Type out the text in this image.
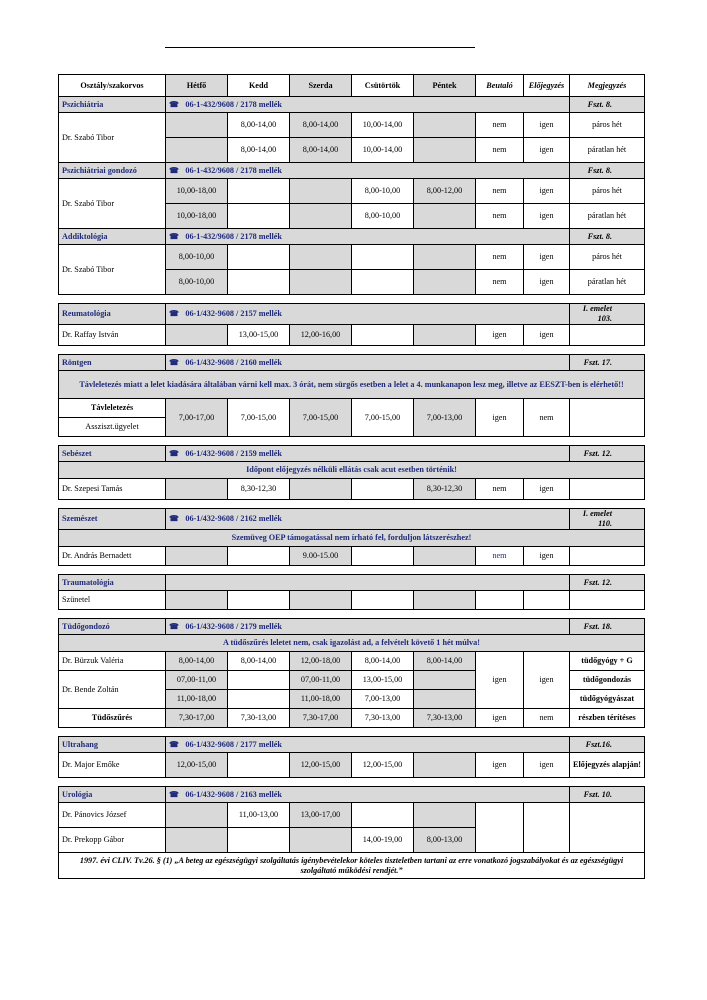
Osztály/szakorvos	Hétfő	Kedd	Szerda	Csütörtök	Péntek	Beutaló	Előjegyzés	Megjegyzés
Pszichiátria	☎ 06-1-432/9608 / 2178 mellék							Fszt. 8.
Dr. Szabó Tibor		8,00-14,00	8,00-14,00	10,00-14,00		nem	igen	páros hét
		8,00-14,00	8,00-14,00	10,00-14,00		nem	igen	páratlan hét
Pszichiátriai gondozó	☎ 06-1-432/9608 / 2178 mellék							Fszt. 8.
Dr. Szabó Tibor	10,00-18,00			8,00-10,00	8,00-12,00	nem	igen	páros hét
	10,00-18,00			8,00-10,00		nem	igen	páratlan hét
Addiktológia	☎ 06-1-432/9608 / 2178 mellék							Fszt. 8.
Dr. Szabó Tibor	8,00-10,00					nem	igen	páros hét
	8,00-10,00					nem	igen	páratlan hét

Reumatológia	☎ 06-1/432-9608 / 2157 mellék							I. emelet 103.
Dr. Raffay István		13,00-15,00	12,00-16,00			igen	igen	

Röntgen	☎ 06-1/432-9608 / 2160 mellék							Fszt. 17.
Távleletezés miatt a lelet kiadására általában várni kell max. 3 órát, nem sürgős esetben a lelet a 4. munkanapon lesz meg, illetve az EESZT-ben is elérhető!!								

Távleletezés
Assziszt.ügyelet	7,00-17,00	7,00-15,00	7,00-15,00	7,00-15,00	7,00-13,00	igen	nem	

Sebészet	☎ 06-1/432-9608 / 2159 mellék							Fszt. 12.
Időpont előjegyzés nélküli ellátás csak acut esetben történik!								
Dr. Szepesi Tamás		8,30-12,30			8,30-12,30	nem	igen	

Szemészet	☎ 06-1/432-9608 / 2162 mellék							I. emelet 110.
Szemüveg OEP támogatással nem írható fel, forduljon látszerészhez!								
Dr. András Bernadett			9.00-15.00			nem	igen	

Traumatológia								Fszt. 12.
Szünetel								

Tüdőgondozó	☎ 06-1/432-9608 / 2179 mellék							Fszt. 18.
A tüdőszűrés leletet nem, csak igazolást ad, a felvételt követő 1 hét múlva!								
Dr. Bürzuk Valéria	8,00-14,00	8,00-14,00	12,00-18,00	8,00-14,00	8,00-14,00	igen	igen	tüdőgyógy + G
Dr. Bende Zoltán	07,00-11,00		07,00-11,00	13,00-15,00				tüdőgondozás
	11,00-18,00		11,00-18,00	7,00-13,00				tüdőgyógyászat
Tüdőszűrés	7,30-17,00	7,30-13,00	7,30-17,00	7,30-13,00	7,30-13,00	igen	nem	részben térítéses

Ultrahang	☎ 06-1/432-9608 / 2177 mellék							Fszt.16.
Dr. Major Emőke	12,00-15,00		12,00-15,00	12,00-15,00		igen	igen	Előjegyzés alapján!

Urológia	☎ 06-1/432-9608 / 2163 mellék							Fszt. 10.
Dr. Pánovics József		11,00-13,00	13,00-17,00					
Dr. Prekopp Gábor				14,00-19,00	8,00-13,00			
1997. évi CLIV. Tv.26. § (1) „A beteg az egészségügyi szolgáltatás igénybevételekor köteles tiszteletben tartani az erre vonatkozó jogszabályokat és az egészségügyi szolgáltató működési rendjét.”								
